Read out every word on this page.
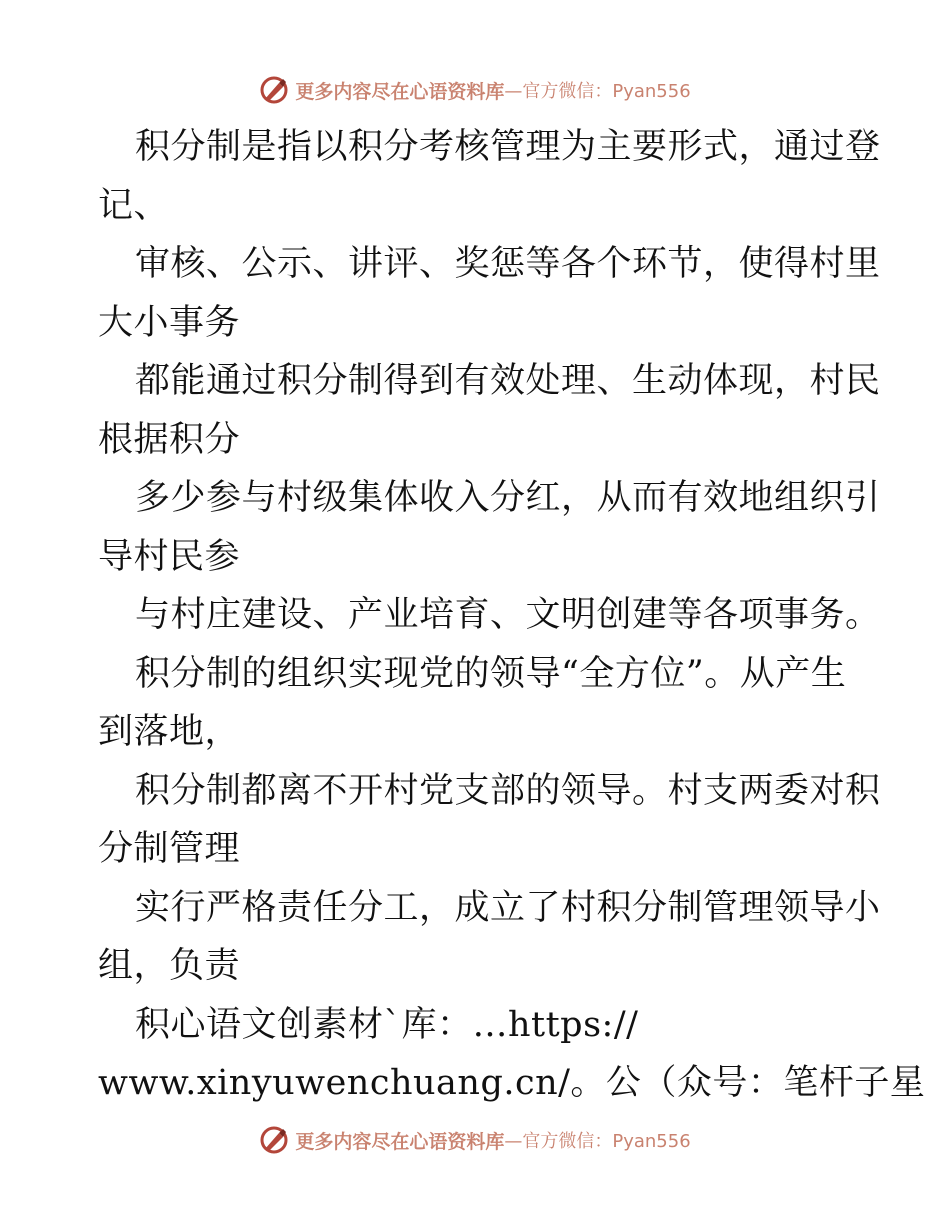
更多内容尽在心语资料库 —官方微信：Pyan556
积分制是指以积分考核管理为主要形式，通过登
记、
审核、公示、讲评、奖惩等各个环节，使得村里
大小事务
都能通过积分制得到有效处理、生动体现，村民
根据积分
多少参与村级集体收入分红，从而有效地组织引
导村民参
与村庄建设、产业培育、文明创建等各项事务。
积分制的组织实现党的领导“全方位”。从产生
到落地，
积分制都离不开村党支部的领导。村支两委对积
分制管理
实行严格责任分工，成立了村积分制管理领导小
组，负责
积心语文创素材`库：…https://
www.xinyuwenchuang.cn/。公（众号：笔杆子星
更多内容尽在心语资料库 —官方微信：Pyan556
